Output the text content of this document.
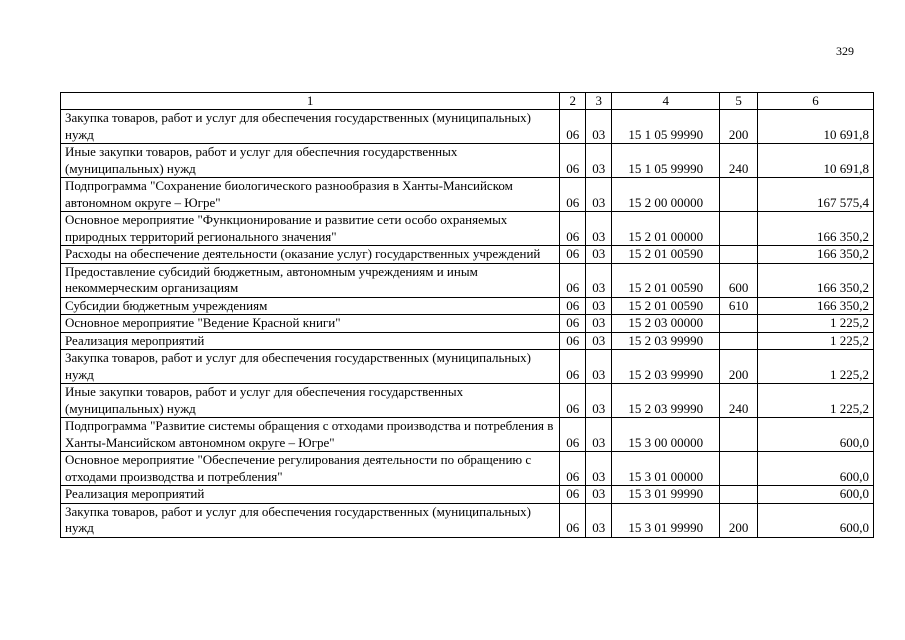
329
1	2	3	4	5	6
Закупка товаров, работ и услуг для обеспечения государственных (муниципальных) нужд	06	03	15 1 05 99990	200	10 691,8
Иные закупки товаров, работ и услуг для обеспечния государственных (муниципальных) нужд	06	03	15 1 05 99990	240	10 691,8
Подпрограмма "Сохранение биологического разнообразия в Ханты-Мансийском автономном округе – Югре"	06	03	15 2 00 00000		167 575,4
Основное мероприятие "Функционирование и развитие сети особо охраняемых природных территорий регионального значения"	06	03	15 2 01 00000		166 350,2
Расходы на обеспечение деятельности (оказание услуг) государственных учреждений	06	03	15 2 01 00590		166 350,2
Предоставление субсидий бюджетным, автономным учреждениям и иным некоммерческим организациям	06	03	15 2 01 00590	600	166 350,2
Субсидии бюджетным учреждениям	06	03	15 2 01 00590	610	166 350,2
Основное мероприятие "Ведение Красной книги"	06	03	15 2 03 00000		1 225,2
Реализация мероприятий	06	03	15 2 03 99990		1 225,2
Закупка товаров, работ и услуг для обеспечения государственных (муниципальных) нужд	06	03	15 2 03 99990	200	1 225,2
Иные закупки товаров, работ и услуг для обеспечения государственных (муниципальных) нужд	06	03	15 2 03 99990	240	1 225,2
Подпрограмма "Развитие системы обращения с отходами производства и потребления в Ханты-Мансийском автономном округе – Югре"	06	03	15 3 00 00000		600,0
Основное мероприятие "Обеспечение регулирования деятельности по обращению с отходами производства и потребления"	06	03	15 3 01 00000		600,0
Реализация мероприятий	06	03	15 3 01 99990		600,0
Закупка товаров, работ и услуг для обеспечения государственных (муниципальных) нужд	06	03	15 3 01 99990	200	600,0
